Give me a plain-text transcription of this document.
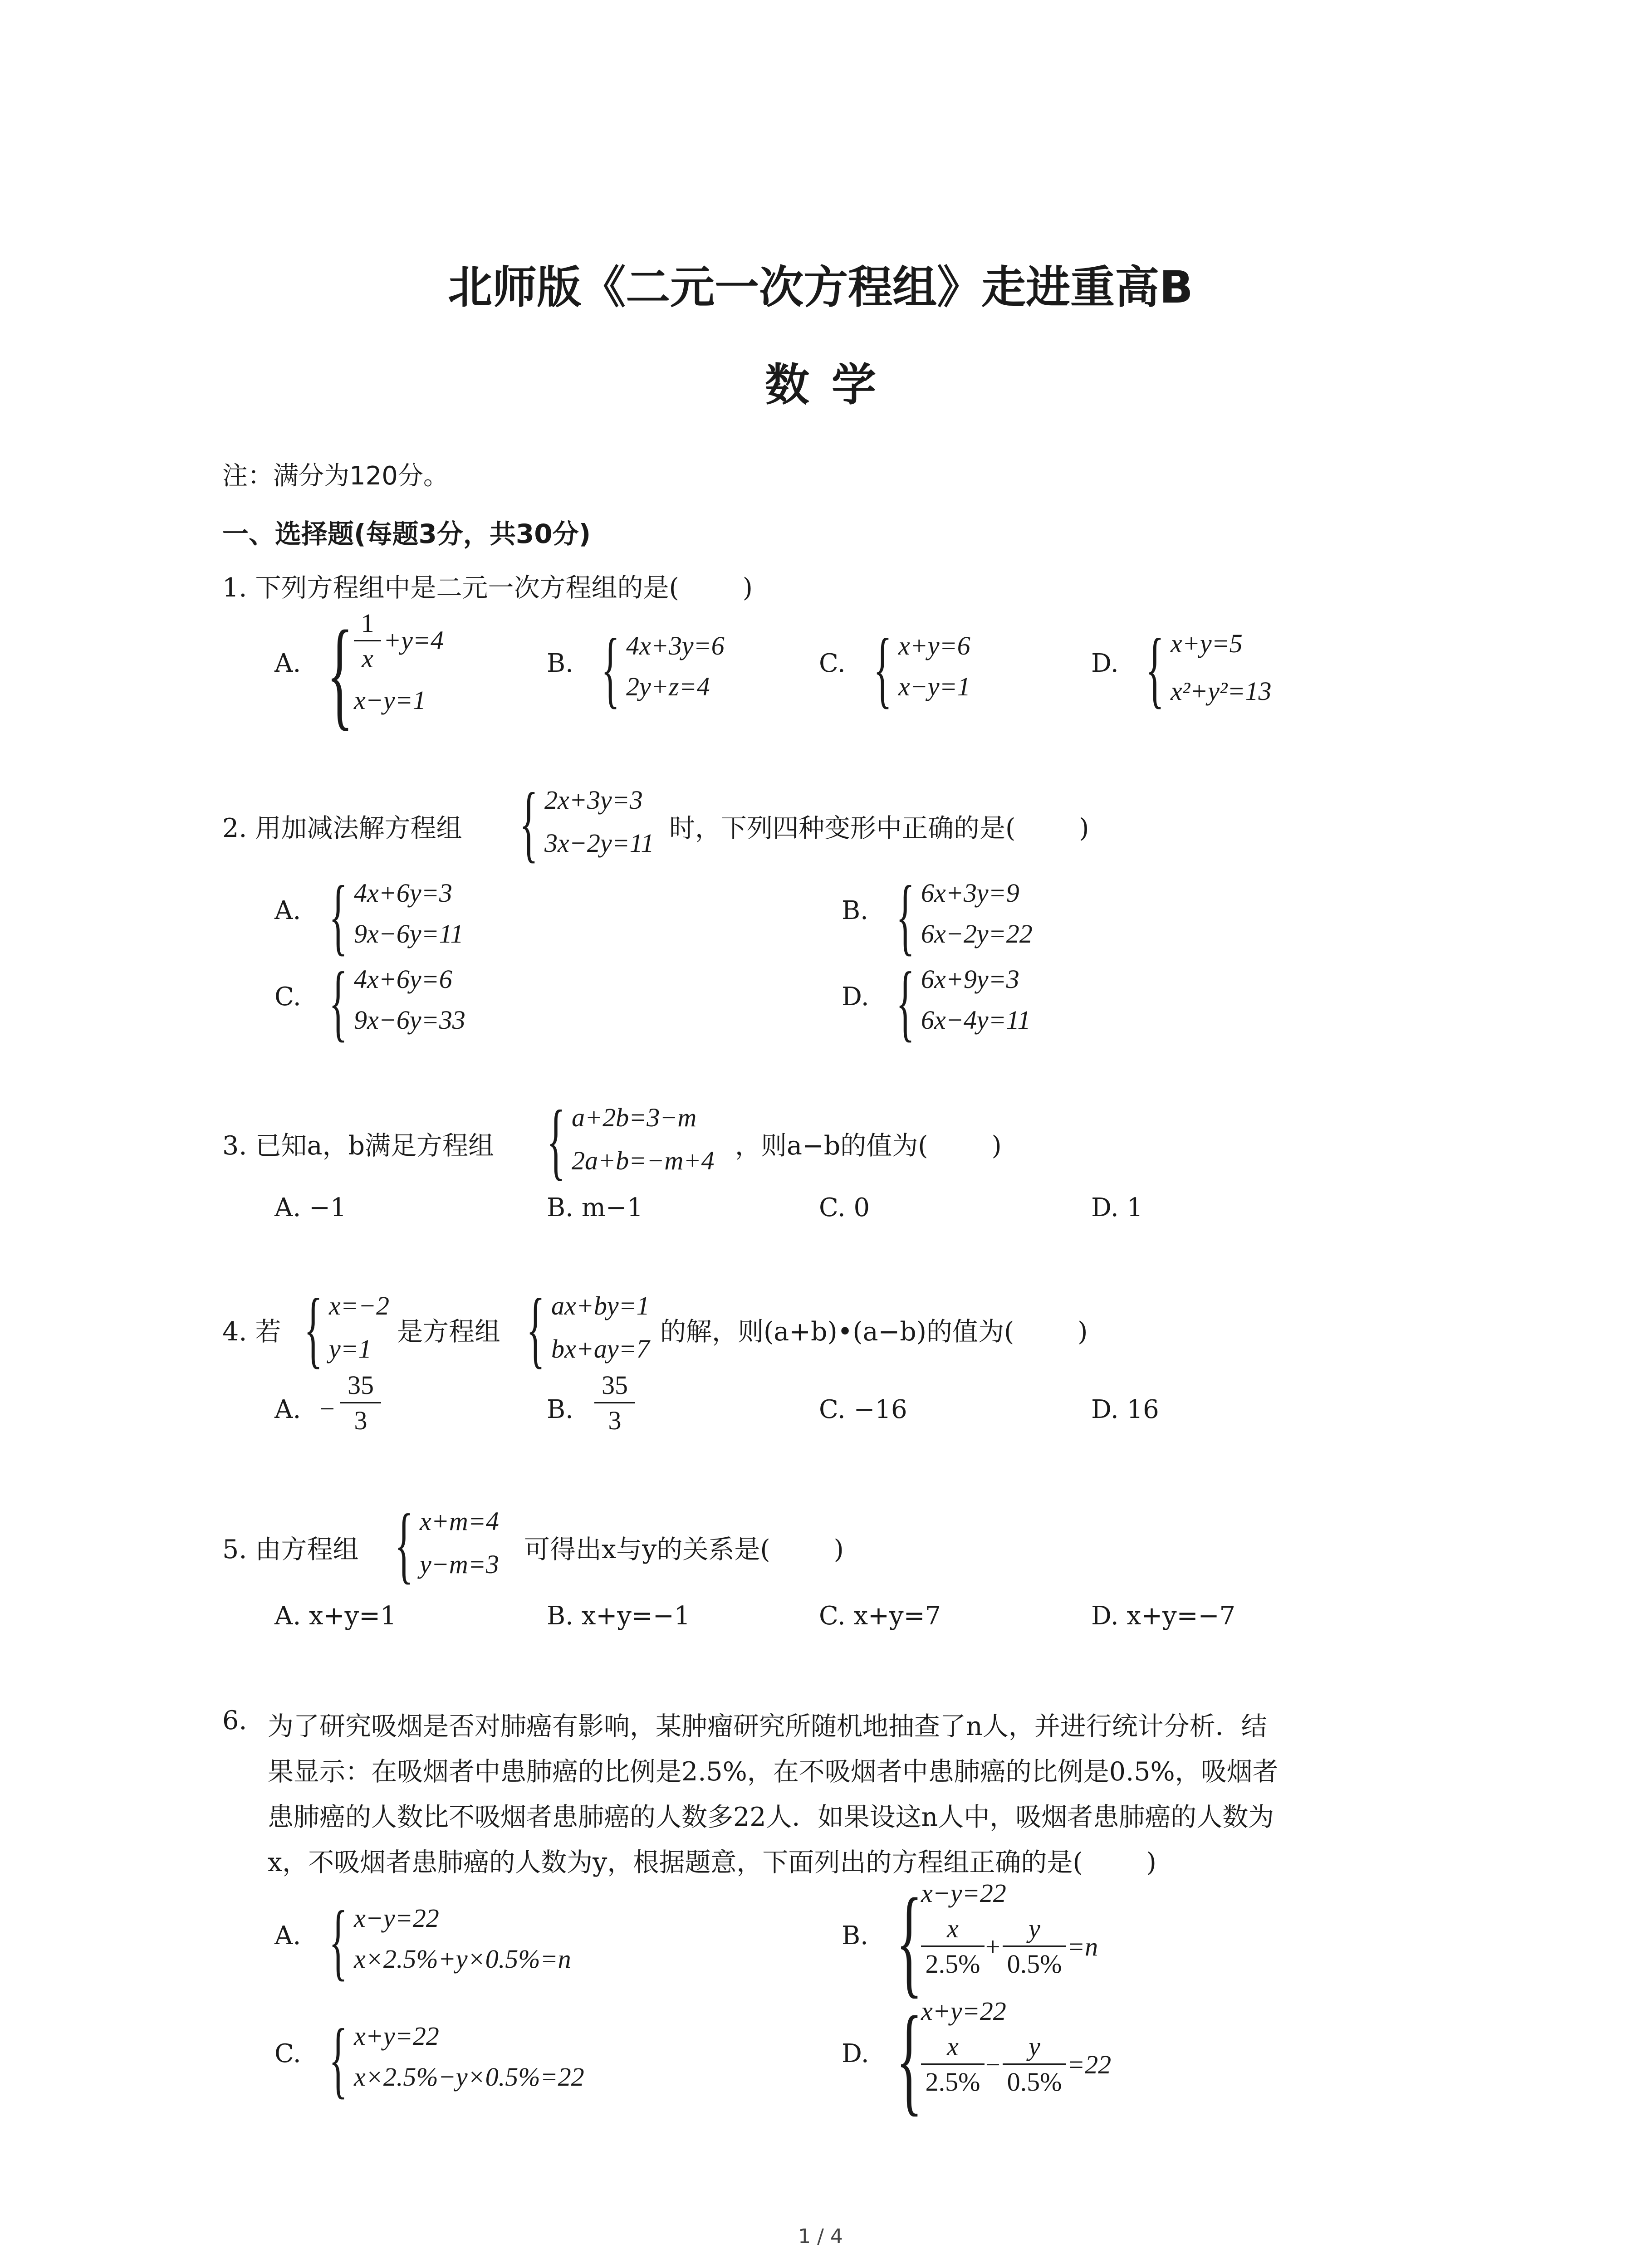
北师版《二元一次方程组》走进重高B
数学
注：满分为120分。
一、选择题(每题3分，共30分)
1. 下列方程组中是二元一次方程组的是( )
A. { 1
x
+y=4
x−y=1
B. { 4x+3y=6
2y+z=4
C. { x+y=6
x−y=1
D. { x+y=5
x²+y²=13
2. 用加减法解方程组 { 2x+3y=3
3x−2y=11 时，下列四种变形中正确的是( )
A. { 4x+6y=3
9x−6y=11
B. { 6x+3y=9
6x−2y=22
C. { 4x+6y=6
9x−6y=33
D. { 6x+9y=3
6x−4y=11
3. 已知a，b满足方程组 { a+2b=3−m
2a+b=−m+4 ，则a−b的值为( )
A. −1	B. m−1	C. 0	D. 1
4. 若 { x=−2
y=1
是方程组 { ax+by=1
bx+ay=7
的解，则(a+b)•(a−b)的值为( )
A. −
35
3	B.
35
3	C. −16	D. 16
5. 由方程组 { x+m=4
y−m=3 可得出x与y的关系是( )
A. x+y=1	B. x+y=−1	C. x+y=7	D. x+y=−7
6. 为了研究吸烟是否对肺癌有影响，某肿瘤研究所随机地抽查了n人，并进行统计分析．结
果显示：在吸烟者中患肺癌的比例是2.5%，在不吸烟者中患肺癌的比例是0.5%，吸烟者
患肺癌的人数比不吸烟者患肺癌的人数多22人．如果设这n人中，吸烟者患肺癌的人数为
x，不吸烟者患肺癌的人数为y，根据题意，下面列出的方程组正确的是( )
A. { x−y=22
x×2.5%+y×0.5%=n
B. {
x−y=22
x
2.5%
+
y
0.5%
=n
C. { x+y=22
x×2.5%−y×0.5%=22
D. {
x+y=22
x
2.5%
−
y
0.5%
=22
1 / 4
